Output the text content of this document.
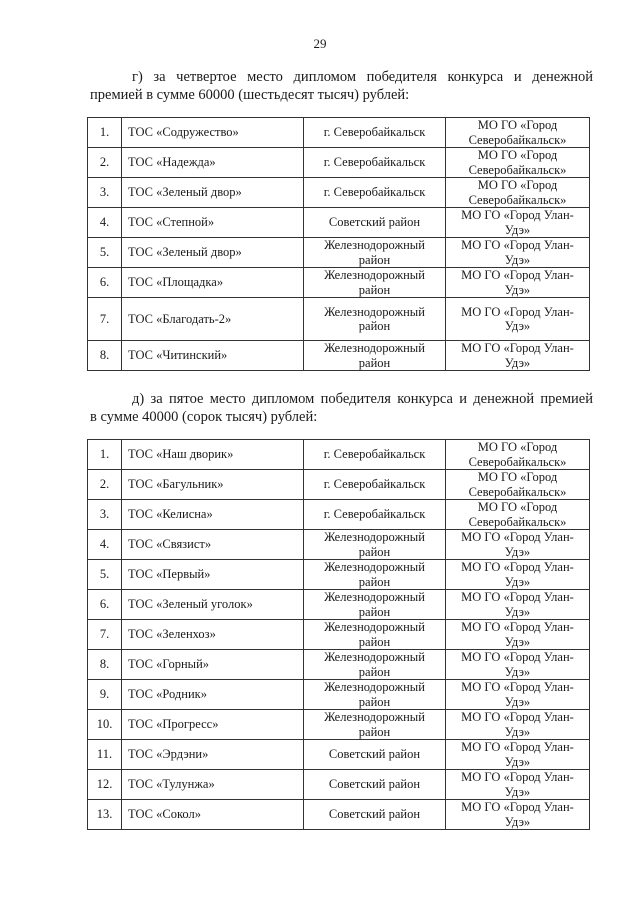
29
г) за четвертое место дипломом победителя конкурса и денежной
премией в сумме 60000 (шестьдесят тысяч) рублей:
1.	ТОС «Содружество»	г. Северобайкальск	МО ГО «Город
Северобайкальск»

2.	ТОС «Надежда»	г. Северобайкальск	МО ГО «Город
Северобайкальск»

3.	ТОС «Зеленый двор»	г. Северобайкальск	МО ГО «Город
Северобайкальск»

4.	ТОС «Степной»	Советский район	МО ГО «Город Улан-
Удэ»

5.	ТОС «Зеленый двор»	Железнодорожный район	МО ГО «Город Улан-
Удэ»

6.	ТОС «Площадка»	Железнодорожный район	МО ГО «Город Улан-
Удэ»

7.	ТОС «Благодать-2»	Железнодорожный район	МО ГО «Город Улан-
Удэ»

8.	ТОС «Читинский»	Железнодорожный район	МО ГО «Город Улан-
Удэ»
д) за пятое место дипломом победителя конкурса и денежной премией
в сумме 40000 (сорок тысяч) рублей:
1.	ТОС «Наш дворик»	г. Северобайкальск	МО ГО «Город
Северобайкальск»

2.	ТОС «Багульник»	г. Северобайкальск	МО ГО «Город
Северобайкальск»

3.	ТОС «Келисна»	г. Северобайкальск	МО ГО «Город
Северобайкальск»

4.	ТОС «Связист»	Железнодорожный район	МО ГО «Город Улан-
Удэ»

5.	ТОС «Первый»	Железнодорожный район	МО ГО «Город Улан-
Удэ»

6.	ТОС «Зеленый уголок»	Железнодорожный район	МО ГО «Город Улан-
Удэ»

7.	ТОС «Зеленхоз»	Железнодорожный район	МО ГО «Город Улан-
Удэ»

8.	ТОС «Горный»	Железнодорожный район	МО ГО «Город Улан-
Удэ»

9.	ТОС «Родник»	Железнодорожный район	МО ГО «Город Улан-
Удэ»

10.	ТОС «Прогресс»	Железнодорожный район	МО ГО «Город Улан-
Удэ»

11.	ТОС «Эрдэни»	Советский район	МО ГО «Город Улан-
Удэ»

12.	ТОС «Тулунжа»	Советский район	МО ГО «Город Улан-
Удэ»

13.	ТОС «Сокол»	Советский район	МО ГО «Город Улан-
Удэ»
